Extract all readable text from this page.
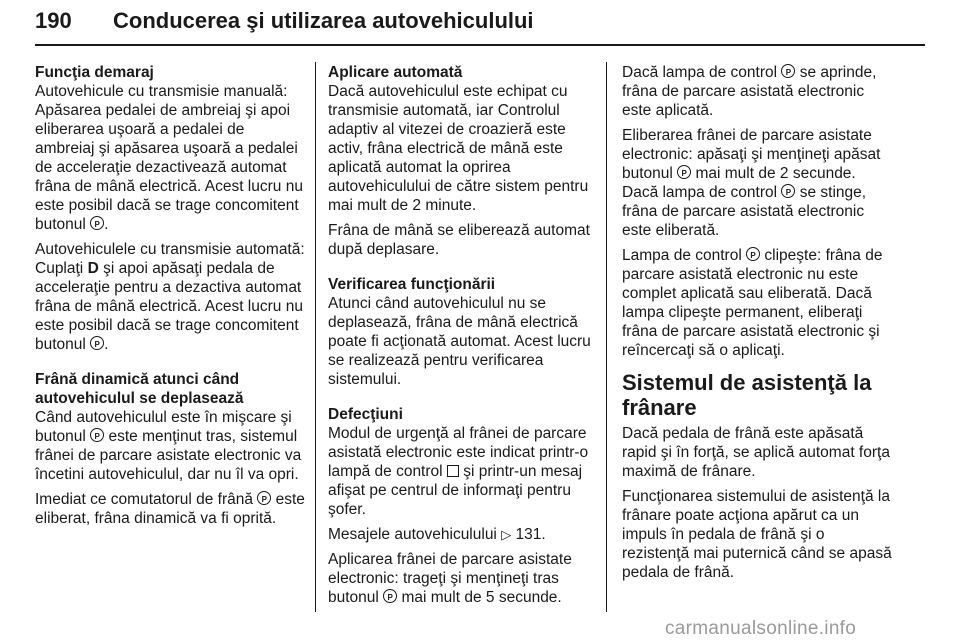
190 Conducerea şi utilizarea autovehiculului

Funcţia demaraj

Autovehicule cu transmisie manuală: Apăsarea pedalei de ambreiaj şi apoi eliberarea uşoară a pedalei de ambreiaj şi apăsarea uşoară a pedalei de acceleraţie dezactivează automat frâna de mână electrică. Acest lucru nu este posibil dacă se trage concomitent butonul P .

Autovehiculele cu transmisie automată: Cuplaţi D şi apoi apăsaţi pedala de acceleraţie pentru a dezactiva automat frâna de mână electrică. Acest lucru nu este posibil dacă se trage concomitent butonul P .

Frână dinamică atunci când autovehiculul se deplasează

Când autovehiculul este în mişcare şi butonul P este menţinut tras, sistemul frânei de parcare asistate electronic va încetini autovehiculul, dar nu îl va opri.

Imediat ce comutatorul de frână P este eliberat, frâna dinamică va fi oprită.

Aplicare automată

Dacă autovehiculul este echipat cu transmisie automată, iar Controlul adaptiv al vitezei de croazieră este activ, frâna electrică de mână este aplicată automat la oprirea autovehiculului de către sistem pentru mai mult de 2 minute.

Frâna de mână se eliberează automat după deplasare.

Verificarea funcţionării

Atunci când autovehiculul nu se deplasează, frâna de mână electrică poate fi acţionată automat. Acest lucru se realizează pentru verificarea sistemului.

Defecţiuni

Modul de urgenţă al frânei de parcare asistată electronic este indicat printr-o lampă de control şi printr-un mesaj afişat pe centrul de informaţi pentru şofer.

Mesajele autovehiculului ▷ 131.

Aplicarea frânei de parcare asistate electronic: trageţi şi menţineţi tras butonul P mai mult de 5 secunde.

Dacă lampa de control P se aprinde, frâna de parcare asistată electronic este aplicată.

Eliberarea frânei de parcare asistate electronic: apăsaţi şi menţineţi apăsat butonul P mai mult de 2 secunde. Dacă lampa de control P se stinge, frâna de parcare asistată electronic este eliberată.

Lampa de control P clipeşte: frâna de parcare asistată electronic nu este complet aplicată sau eliberată. Dacă lampa clipeşte permanent, eliberaţi frâna de parcare asistată electronic şi reîncercaţi să o aplicaţi.

Sistemul de asistenţă la frânare

Dacă pedala de frână este apăsată rapid şi în forţă, se aplică automat forţa maximă de frânare.

Funcţionarea sistemului de asistenţă la frânare poate acţiona apărut ca un impuls în pedala de frână şi o rezistenţă mai puternică când se apasă pedala de frână.

carmanualsonline.info
